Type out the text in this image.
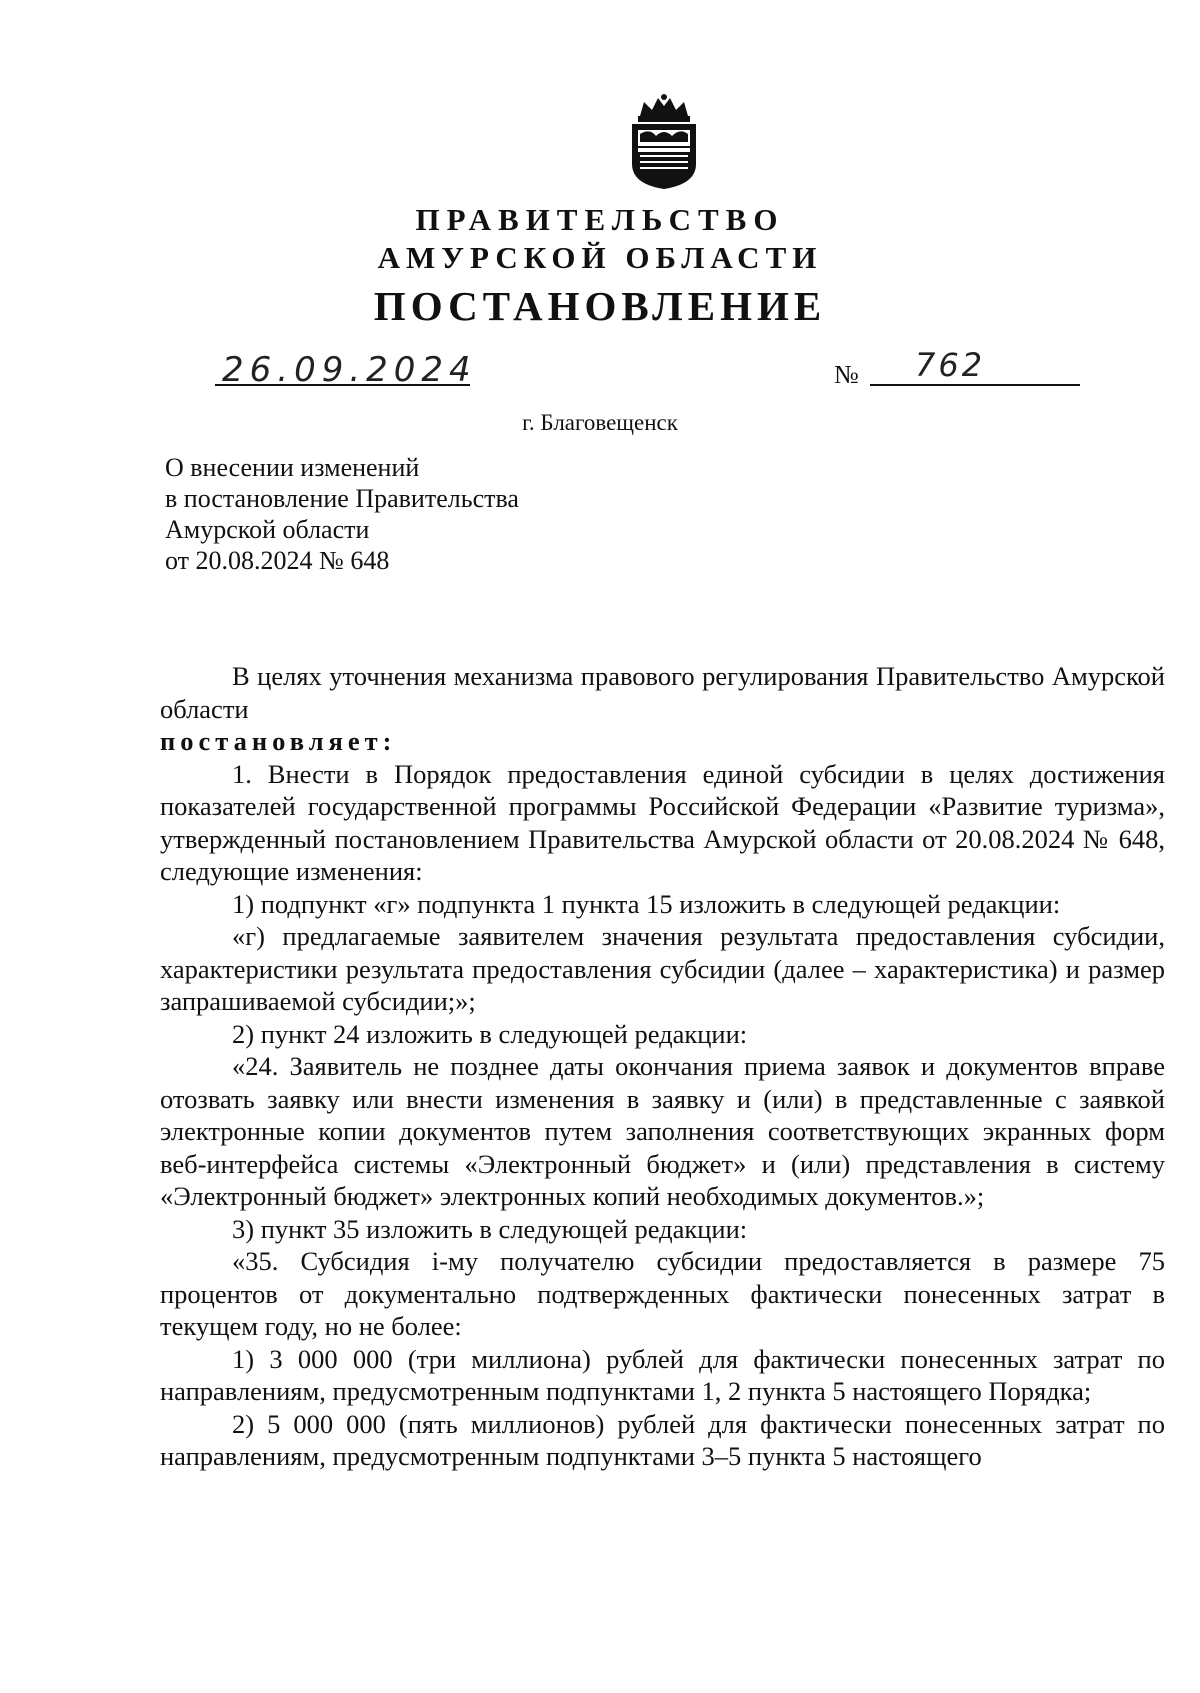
ПРАВИТЕЛЬСТВО
АМУРСКОЙ ОБЛАСТИ
ПОСТАНОВЛЕНИЕ
26.09.2024	№ 762
г. Благовещенск
О внесении изменений
в постановление Правительства
Амурской области
от 20.08.2024 № 648

В целях уточнения механизма правового регулирования Правительство Амурской области

постановляет:

1. Внести в Порядок предоставления единой субсидии в целях достижения показателей государственной программы Российской Федерации «Развитие туризма», утвержденный постановлением Правительства Амурской области от 20.08.2024 № 648, следующие изменения:

1) подпункт «г» подпункта 1 пункта 15 изложить в следующей редакции:

«г) предлагаемые заявителем значения результата предоставления субсидии, характеристики результата предоставления субсидии (далее – характеристика) и размер запрашиваемой субсидии;»;

2) пункт 24 изложить в следующей редакции:

«24. Заявитель не позднее даты окончания приема заявок и документов вправе отозвать заявку или внести изменения в заявку и (или) в представленные с заявкой электронные копии документов путем заполнения соответствующих экранных форм веб-интерфейса системы «Электронный бюджет» и (или) представления в систему «Электронный бюджет» электронных копий необходимых документов.»;

3) пункт 35 изложить в следующей редакции:

«35. Субсидия i-му получателю субсидии предоставляется в размере 75 процентов от документально подтвержденных фактически понесенных затрат в текущем году, но не более:

1) 3 000 000 (три миллиона) рублей для фактически понесенных затрат по направлениям, предусмотренным подпунктами 1, 2 пункта 5 настоящего Порядка;

2) 5 000 000 (пять миллионов) рублей для фактически понесенных затрат по направлениям, предусмотренным подпунктами 3–5 пункта 5 настоящего
